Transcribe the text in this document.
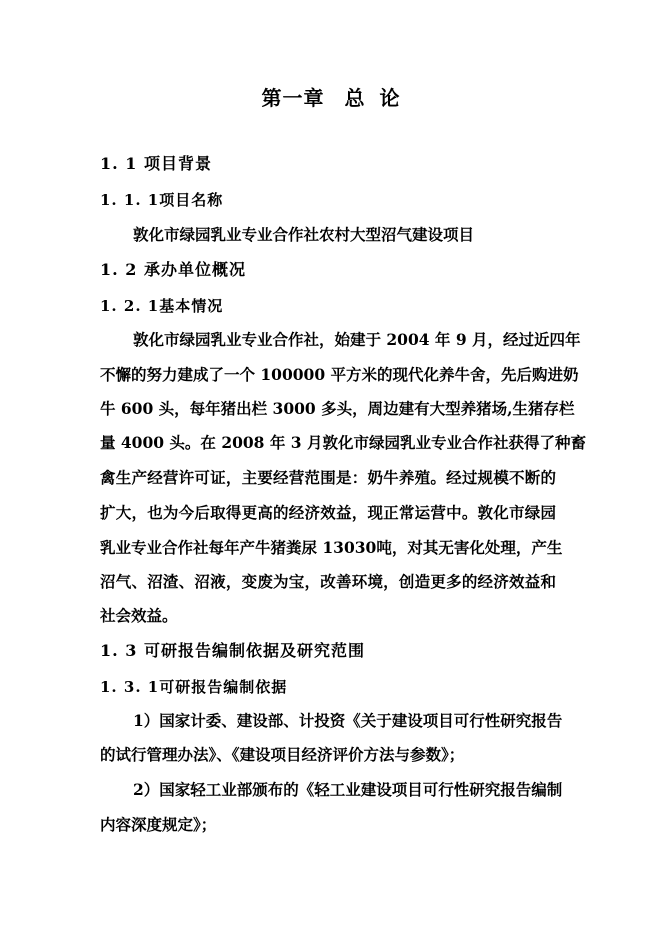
第一章 总 论
1. 1 项目背景
1. 1. 1项目名称
敦化市绿园乳业专业合作社农村大型沼气建设项目
1. 2 承办单位概况
1. 2. 1基本情况
敦化市绿园乳业专业合作社，始建于 2004 年 9 月，经过近四年
不懈的努力建成了一个 100000 平方米的现代化养牛舍，先后购进奶
牛 600 头，每年猪出栏 3000 多头，周边建有大型养猪场,生猪存栏
量 4000 头。在 2008 年 3 月敦化市绿园乳业专业合作社获得了种畜
禽生产经营许可证，主要经营范围是：奶牛养殖。经过规模不断的
扩大，也为今后取得更高的经济效益，现正常运营中。敦化市绿园
乳业专业合作社每年产牛猪粪尿 13030吨，对其无害化处理，产生
沼气、沼渣、沼液，变废为宝，改善环境，创造更多的经济效益和
社会效益。
1. 3 可研报告编制依据及研究范围
1. 3. 1可研报告编制依据
1）国家计委、建设部、计投资《关于建设项目可行性研究报告
的试行管理办法》、《建设项目经济评价方法与参数》；
2）国家轻工业部颁布的《轻工业建设项目可行性研究报告编制
内容深度规定》；
